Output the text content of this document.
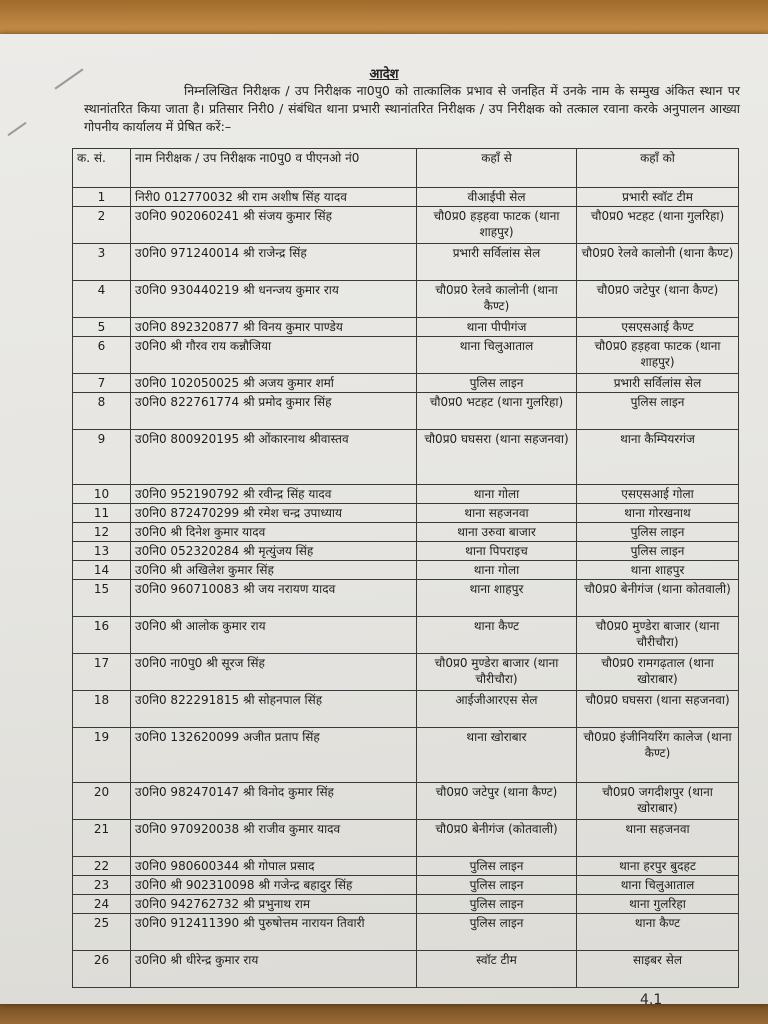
आदेश
निम्नलिखित निरीक्षक / उप निरीक्षक ना0पु0 को तात्कालिक प्रभाव से जनहित में उनके नाम के सम्मुख अंकित स्थान पर स्थानांतरित किया जाता है। प्रतिसार निरी0 / संबंधित थाना प्रभारी स्थानांतरित निरीक्षक / उप निरीक्षक को तत्काल रवाना करके अनुपालन आख्या गोपनीय कार्यालय में प्रेषित करें:–
क. सं.	नाम निरीक्षक / उप निरीक्षक ना0पु0 व पीएनओ नं0	कहाँ से	कहाँ को
1	निरी0 012770032 श्री राम अशीष सिंह यादव	वीआईपी सेल	प्रभारी स्वॉट टीम
2	उ0नि0 902060241 श्री संजय कुमार सिंह	चौ0प्र0 हड़हवा फाटक (थाना शाहपुर)	चौ0प्र0 भटहट (थाना गुलरिहा)
3	उ0नि0 971240014 श्री राजेन्द्र सिंह	प्रभारी सर्विलांस सेल	चौ0प्र0 रेलवे कालोनी (थाना कैण्ट)
4	उ0नि0 930440219 श्री धनन्जय कुमार राय	चौ0प्र0 रेलवे कालोनी (थाना कैण्ट)	चौ0प्र0 जटेपुर (थाना कैण्ट)
5	उ0नि0 892320877 श्री विनय कुमार पाण्डेय	थाना पीपीगंज	एसएसआई कैण्ट
6	उ0नि0 श्री गौरव राय कन्नौजिया	थाना चिलुआताल	चौ0प्र0 हड़हवा फाटक (थाना शाहपुर)
7	उ0नि0 102050025 श्री अजय कुमार शर्मा	पुलिस लाइन	प्रभारी सर्विलांस सेल
8	उ0नि0 822761774 श्री प्रमोद कुमार सिंह	चौ0प्र0 भटहट (थाना गुलरिहा)	पुलिस लाइन
9	उ0नि0 800920195 श्री ओंकारनाथ श्रीवास्तव	चौ0प्र0 घघसरा (थाना सहजनवा)	थाना कैम्पियरगंज
10	उ0नि0 952190792 श्री रवीन्द्र सिंह यादव	थाना गोला	एसएसआई गोला
11	उ0नि0 872470299 श्री रमेश चन्द्र उपाध्याय	थाना सहजनवा	थाना गोरखनाथ
12	उ0नि0 श्री दिनेश कुमार यादव	थाना उरुवा बाजार	पुलिस लाइन
13	उ0नि0 052320284 श्री मृत्युंजय सिंह	थाना पिपराइच	पुलिस लाइन
14	उ0नि0 श्री अखिलेश कुमार सिंह	थाना गोला	थाना शाहपुर
15	उ0नि0 960710083 श्री जय नरायण यादव	थाना शाहपुर	चौ0प्र0 बेनीगंज (थाना कोतवाली)
16	उ0नि0 श्री आलोक कुमार राय	थाना कैण्ट	चौ0प्र0 मुण्डेरा बाजार (थाना चौरीचौरा)
17	उ0नि0 ना0पु0 श्री सूरज सिंह	चौ0प्र0 मुण्डेरा बाजार (थाना चौरीचौरा)	चौ0प्र0 रामगढ़ताल (थाना खोराबार)
18	उ0नि0 822291815 श्री सोहनपाल सिंह	आईजीआरएस सेल	चौ0प्र0 घघसरा (थाना सहजनवा)
19	उ0नि0 132620099 अजीत प्रताप सिंह	थाना खोराबार	चौ0प्र0 इंजीनियरिंग कालेज (थाना कैण्ट)
20	उ0नि0 982470147 श्री विनोद कुमार सिंह	चौ0प्र0 जटेपुर (थाना कैण्ट)	चौ0प्र0 जगदीशपुर (थाना खोराबार)
21	उ0नि0 970920038 श्री राजीव कुमार यादव	चौ0प्र0 बेनीगंज (कोतवाली)	थाना सहजनवा
22	उ0नि0 980600344 श्री गोपाल प्रसाद	पुलिस लाइन	थाना हरपुर बुदहट
23	उ0नि0 श्री 902310098 श्री गजेन्द्र बहादुर सिंह	पुलिस लाइन	थाना चिलुआताल
24	उ0नि0 942762732 श्री प्रभुनाथ राम	पुलिस लाइन	थाना गुलरिहा
25	उ0नि0 912411390 श्री पुरुषोत्तम नारायन तिवारी	पुलिस लाइन	थाना कैण्ट
26	उ0नि0 श्री धीरेन्द्र कुमार राय	स्वॉट टीम	साइबर सेल
4.1
